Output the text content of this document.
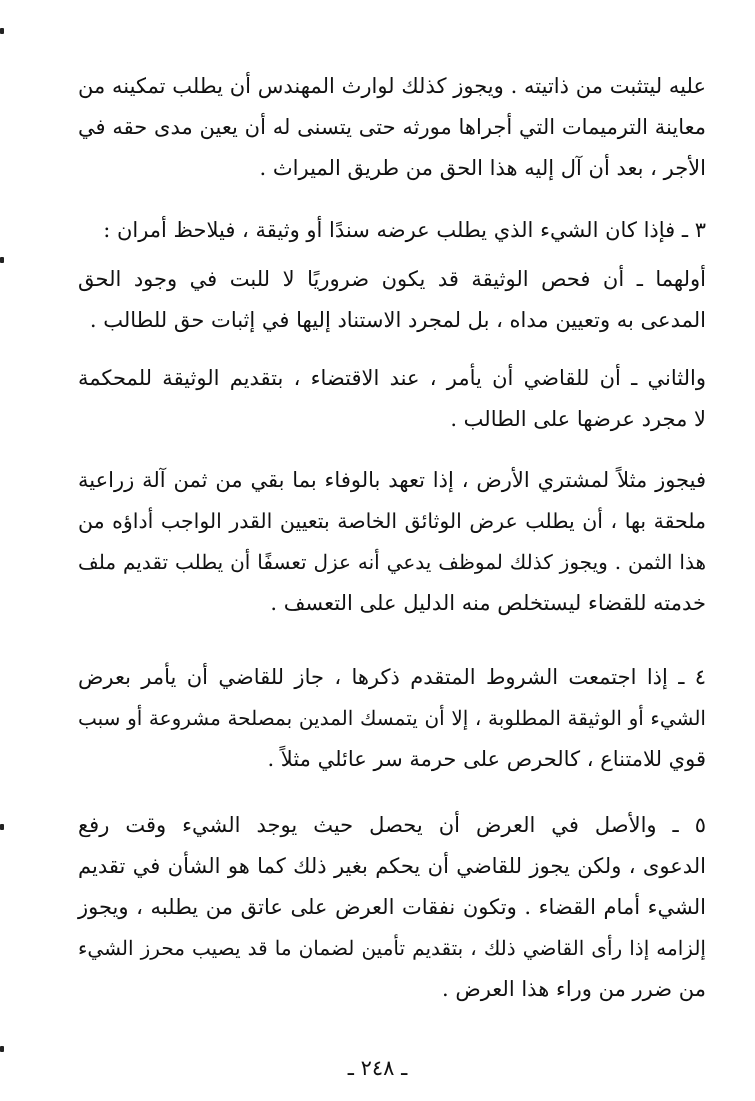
عليه ليتثبت من ذاتيته . ويجوز كذلك لوارث المهندس أن يطلب تمكينه من
معاينة الترميمات التي أجراها مورثه حتى يتسنى له أن يعين مدى حقه في
الأجر ، بعد أن آل إليه هذا الحق من طريق الميراث .
٣ ـ فإذا كان الشيء الذي يطلب عرضه سندًا أو وثيقة ، فيلاحظ أمران :
أولهما ـ أن فحص الوثيقة قد يكون ضروريًا لا للبت في وجود الحق
المدعى به وتعيين مداه ، بل لمجرد الاستناد إليها في إثبات حق للطالب .
والثاني ـ أن للقاضي أن يأمر ، عند الاقتضاء ، بتقديم الوثيقة للمحكمة
لا مجرد عرضها على الطالب .
فيجوز مثلاً لمشتري الأرض ، إذا تعهد بالوفاء بما بقي من ثمن آلة زراعية
ملحقة بها ، أن يطلب عرض الوثائق الخاصة بتعيين القدر الواجب أداؤه من
هذا الثمن . ويجوز كذلك لموظف يدعي أنه عزل تعسفًا أن يطلب تقديم ملف
خدمته للقضاء ليستخلص منه الدليل على التعسف .
٤ ـ إذا اجتمعت الشروط المتقدم ذكرها ، جاز للقاضي أن يأمر بعرض
الشيء أو الوثيقة المطلوبة ، إلا أن يتمسك المدين بمصلحة مشروعة أو سبب
قوي للامتناع ، كالحرص على حرمة سر عائلي مثلاً .
٥ ـ والأصل في العرض أن يحصل حيث يوجد الشيء وقت رفع
الدعوى ، ولكن يجوز للقاضي أن يحكم بغير ذلك كما هو الشأن في تقديم
الشيء أمام القضاء . وتكون نفقات العرض على عاتق من يطلبه ، ويجوز
إلزامه إذا رأى القاضي ذلك ، بتقديم تأمين لضمان ما قد يصيب محرز الشيء
من ضرر من وراء هذا العرض .
ـ ٢٤٨ ـ
